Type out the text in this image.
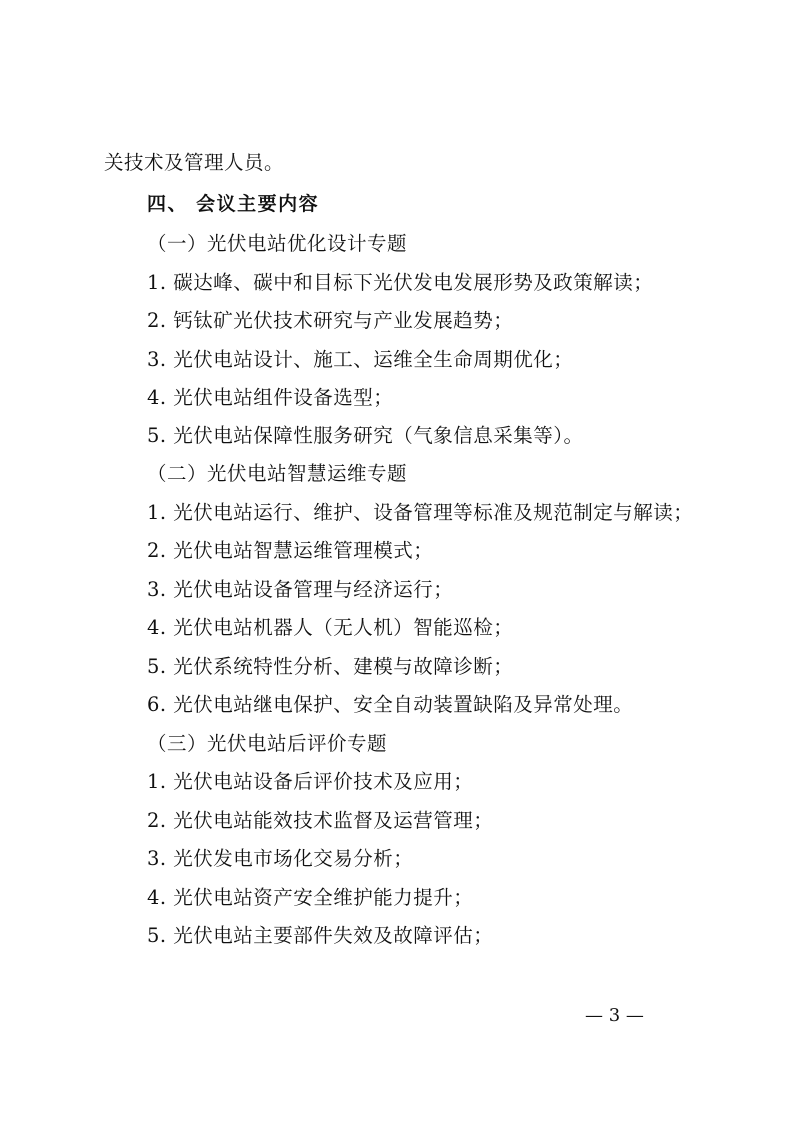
关技术及管理人员。
四、 会议主要内容
（一）光伏电站优化设计专题
1. 碳达峰、碳中和目标下光伏发电发展形势及政策解读；
2. 钙钛矿光伏技术研究与产业发展趋势；
3. 光伏电站设计、施工、运维全生命周期优化；
4. 光伏电站组件设备选型；
5. 光伏电站保障性服务研究（气象信息采集等）。
（二）光伏电站智慧运维专题
1. 光伏电站运行、维护、设备管理等标准及规范制定与解读；
2. 光伏电站智慧运维管理模式；
3. 光伏电站设备管理与经济运行；
4. 光伏电站机器人（无人机）智能巡检；
5. 光伏系统特性分析、建模与故障诊断；
6. 光伏电站继电保护、安全自动装置缺陷及异常处理。
（三）光伏电站后评价专题
1. 光伏电站设备后评价技术及应用；
2. 光伏电站能效技术监督及运营管理；
3. 光伏发电市场化交易分析；
4. 光伏电站资产安全维护能力提升；
5. 光伏电站主要部件失效及故障评估；
— 3 —
